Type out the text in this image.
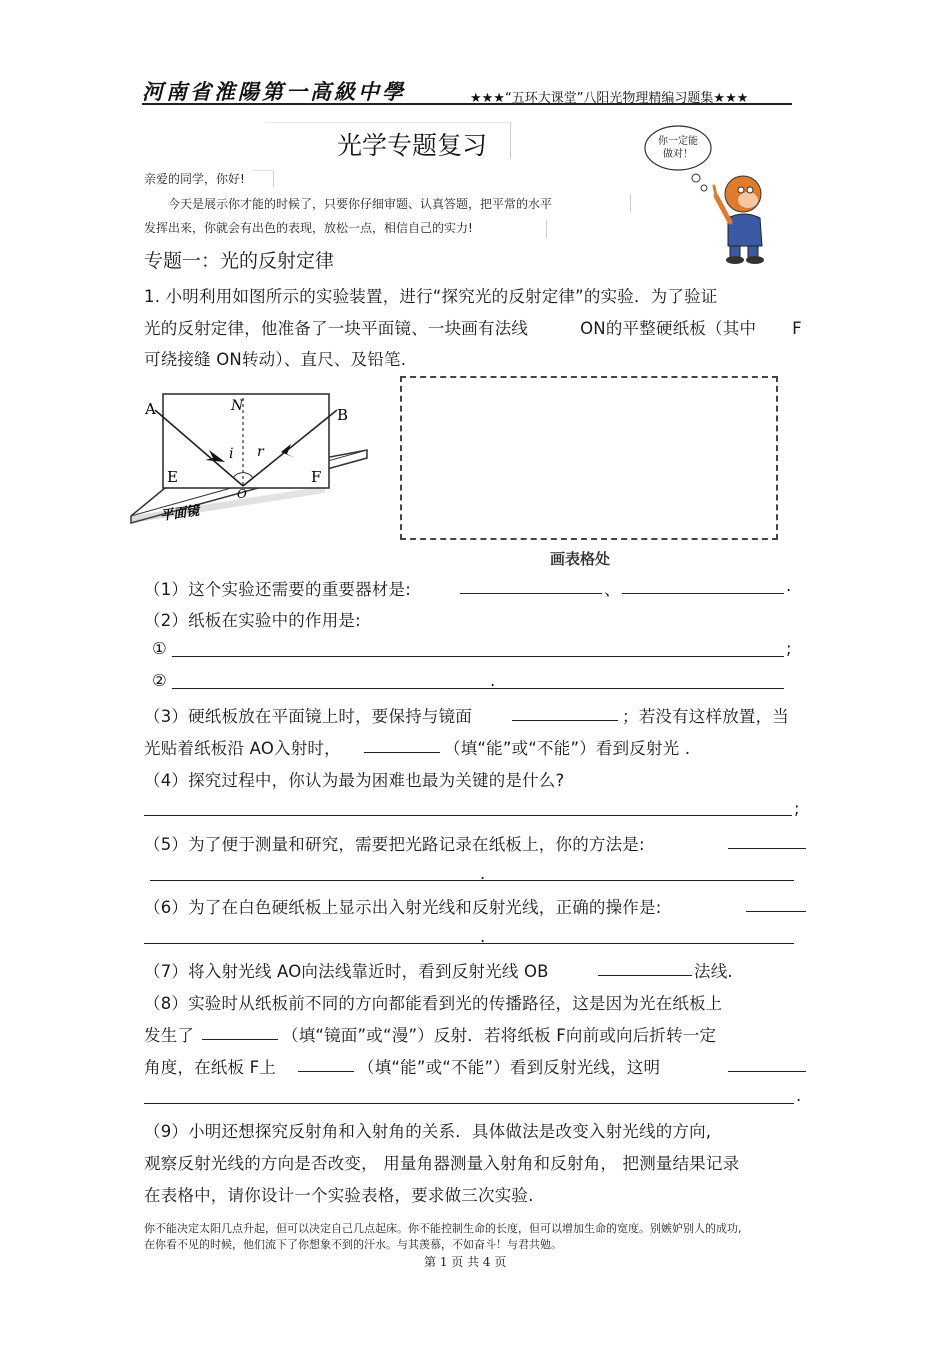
河南省淮陽第一高級中學	★★★“五环大课堂”八阳光物理精编习题集★★★
光学专题复习	你一定能
做对！
亲爱的同学，你好!
今天是展示你才能的时候了，只要你仔细审题、认真答题，把平常的水平
发挥出来，你就会有出色的表现，放松一点，相信自己的实力!
专题一：光的反射定律
1. 小明利用如图所示的实验装置，进行“探究光的反射定律”的实验．为了验证
光的反射定律，他准备了一块平面镜、一块画有法线	ON的平整硬纸板（其中 F
可绕接缝 ON转动）、直尺、及铅笔.
A	B
N
i r
E	F
O
平面镜
画表格处
（1）这个实验还需要的重要器材是:	、	.
（2）纸板在实验中的作用是:
①	;
②	.
（3）硬纸板放在平面镜上时，要保持与镜面	；若没有这样放置，当
光贴着纸板沿 AO入射时，	（填“能”或“不能”）看到反射光 .
（4）探究过程中，你认为最为困难也最为关键的是什么?
;
（5）为了便于测量和研究，需要把光路记录在纸板上，你的方法是:
.
（6）为了在白色硬纸板上显示出入射光线和反射光线，正确的操作是:
.
（7）将入射光线 AO向法线靠近时，看到反射光线 OB	法线.
（8）实验时从纸板前不同的方向都能看到光的传播路径，这是因为光在纸板上
发生了	（填“镜面”或“漫”）反射．若将纸板 F向前或向后折转一定
角度，在纸板 F上	（填“能”或“不能”）看到反射光线，这明
.
（9）小明还想探究反射角和入射角的关系．具体做法是改变入射光线的方向,
观察反射光线的方向是否改变， 用量角器测量入射角和反射角， 把测量结果记录
在表格中，请你设计一个实验表格，要求做三次实验.
你不能决定太阳几点升起，但可以决定自己几点起床。你不能控制生命的长度，但可以增加生命的宽度。别嫉妒别人的成功,
在你看不见的时候，他们流下了你想象不到的汗水。与其羡慕，不如奋斗！与君共勉。
第 1 页 共 4 页
